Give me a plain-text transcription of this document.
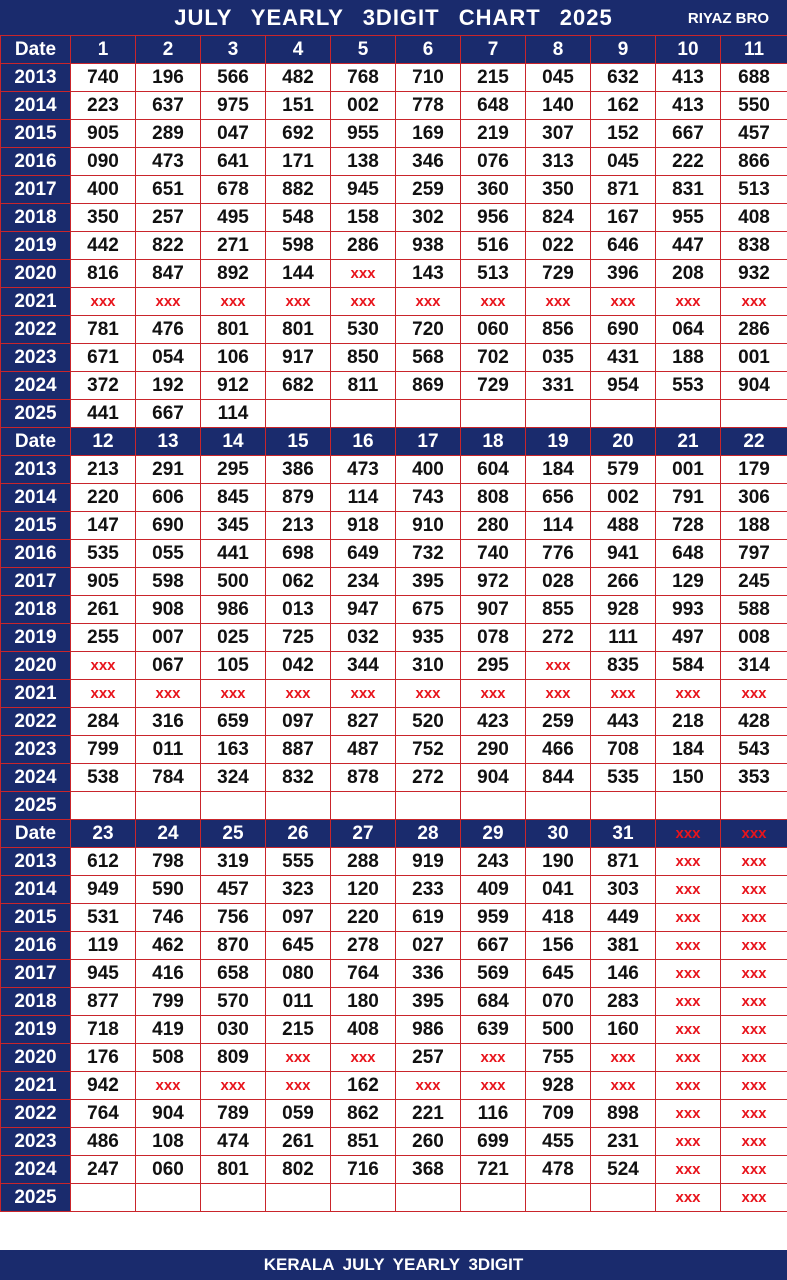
JULY YEARLY 3DIGIT CHART 2025	RIYAZ BRO
Date	1	2	3	4	5	6	7	8	9	10	11
2013	740	196	566	482	768	710	215	045	632	413	688
2014	223	637	975	151	002	778	648	140	162	413	550
2015	905	289	047	692	955	169	219	307	152	667	457
2016	090	473	641	171	138	346	076	313	045	222	866
2017	400	651	678	882	945	259	360	350	871	831	513
2018	350	257	495	548	158	302	956	824	167	955	408
2019	442	822	271	598	286	938	516	022	646	447	838
2020	816	847	892	144	xxx	143	513	729	396	208	932
2021	xxx	xxx	xxx	xxx	xxx	xxx	xxx	xxx	xxx	xxx	xxx
2022	781	476	801	801	530	720	060	856	690	064	286
2023	671	054	106	917	850	568	702	035	431	188	001
2024	372	192	912	682	811	869	729	331	954	553	904
2025	441	667	114								
Date	12	13	14	15	16	17	18	19	20	21	22
2013	213	291	295	386	473	400	604	184	579	001	179
2014	220	606	845	879	114	743	808	656	002	791	306
2015	147	690	345	213	918	910	280	114	488	728	188
2016	535	055	441	698	649	732	740	776	941	648	797
2017	905	598	500	062	234	395	972	028	266	129	245
2018	261	908	986	013	947	675	907	855	928	993	588
2019	255	007	025	725	032	935	078	272	111	497	008
2020	xxx	067	105	042	344	310	295	xxx	835	584	314
2021	xxx	xxx	xxx	xxx	xxx	xxx	xxx	xxx	xxx	xxx	xxx
2022	284	316	659	097	827	520	423	259	443	218	428
2023	799	011	163	887	487	752	290	466	708	184	543
2024	538	784	324	832	878	272	904	844	535	150	353
2025											
Date	23	24	25	26	27	28	29	30	31	xxx	xxx
2013	612	798	319	555	288	919	243	190	871	xxx	xxx
2014	949	590	457	323	120	233	409	041	303	xxx	xxx
2015	531	746	756	097	220	619	959	418	449	xxx	xxx
2016	119	462	870	645	278	027	667	156	381	xxx	xxx
2017	945	416	658	080	764	336	569	645	146	xxx	xxx
2018	877	799	570	011	180	395	684	070	283	xxx	xxx
2019	718	419	030	215	408	986	639	500	160	xxx	xxx
2020	176	508	809	xxx	xxx	257	xxx	755	xxx	xxx	xxx
2021	942	xxx	xxx	xxx	162	xxx	xxx	928	xxx	xxx	xxx
2022	764	904	789	059	862	221	116	709	898	xxx	xxx
2023	486	108	474	261	851	260	699	455	231	xxx	xxx
2024	247	060	801	802	716	368	721	478	524	xxx	xxx
2025										xxx	xxx
KERALA JULY YEARLY 3DIGIT
